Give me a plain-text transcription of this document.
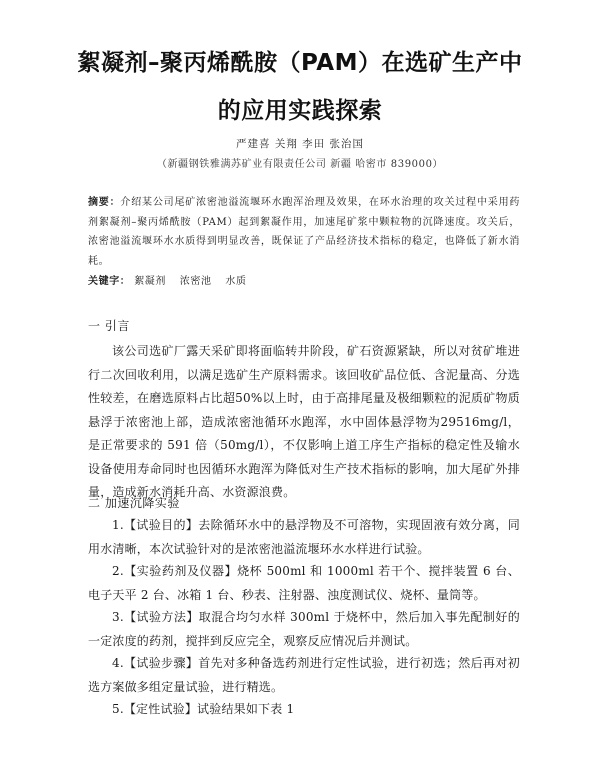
絮凝剂–聚丙烯酰胺（PAM）在选矿生产中
的应用实践探索
严建喜 关翔 李田 张治国
（新疆钢铁雅满苏矿业有限责任公司 新疆 哈密市 839000）
摘要：介绍某公司尾矿浓密池溢流堰环水跑浑治理及效果，在环水治理的攻关过程中采用药剂絮凝剂–聚丙烯酰胺（PAM）起到絮凝作用，加速尾矿浆中颗粒物的沉降速度。攻关后，浓密池溢流堰环水水质得到明显改善，既保证了产品经济技术指标的稳定，也降低了新水消耗。
关键字： 絮凝剂 浓密池 水质
一 引言
该公司选矿厂露天采矿即将面临转井阶段，矿石资源紧缺，所以对贫矿堆进行二次回收利用，以满足选矿生产原料需求。该回收矿品位低、含泥量高、分选性较差，在磨选原料占比超50%以上时，由于高排尾量及极细颗粒的泥质矿物质悬浮于浓密池上部，造成浓密池循环水跑浑，水中固体悬浮物为29516mg/l，是正常要求的 591 倍（50mg/l），不仅影响上道工序生产指标的稳定性及输水设备使用寿命同时也因循环水跑浑为降低对生产技术指标的影响，加大尾矿外排量，造成新水消耗升高、水资源浪费。
二 加速沉降实验
1.【试验目的】去除循环水中的悬浮物及不可溶物，实现固液有效分离，同用水清晰，本次试验针对的是浓密池溢流堰环水水样进行试验。
2.【实验药剂及仪器】烧杯 500ml 和 1000ml 若干个、搅拌装置 6 台、电子天平 2 台、冰箱 1 台、秒表、注射器、浊度测试仪、烧杯、量筒等。
3.【试验方法】取混合均匀水样 300ml 于烧杯中，然后加入事先配制好的一定浓度的药剂，搅拌到反应完全，观察反应情况后并测试。
4.【试验步骤】首先对多种备选药剂进行定性试验，进行初选；然后再对初选方案做多组定量试验，进行精选。
5.【定性试验】试验结果如下表 1
